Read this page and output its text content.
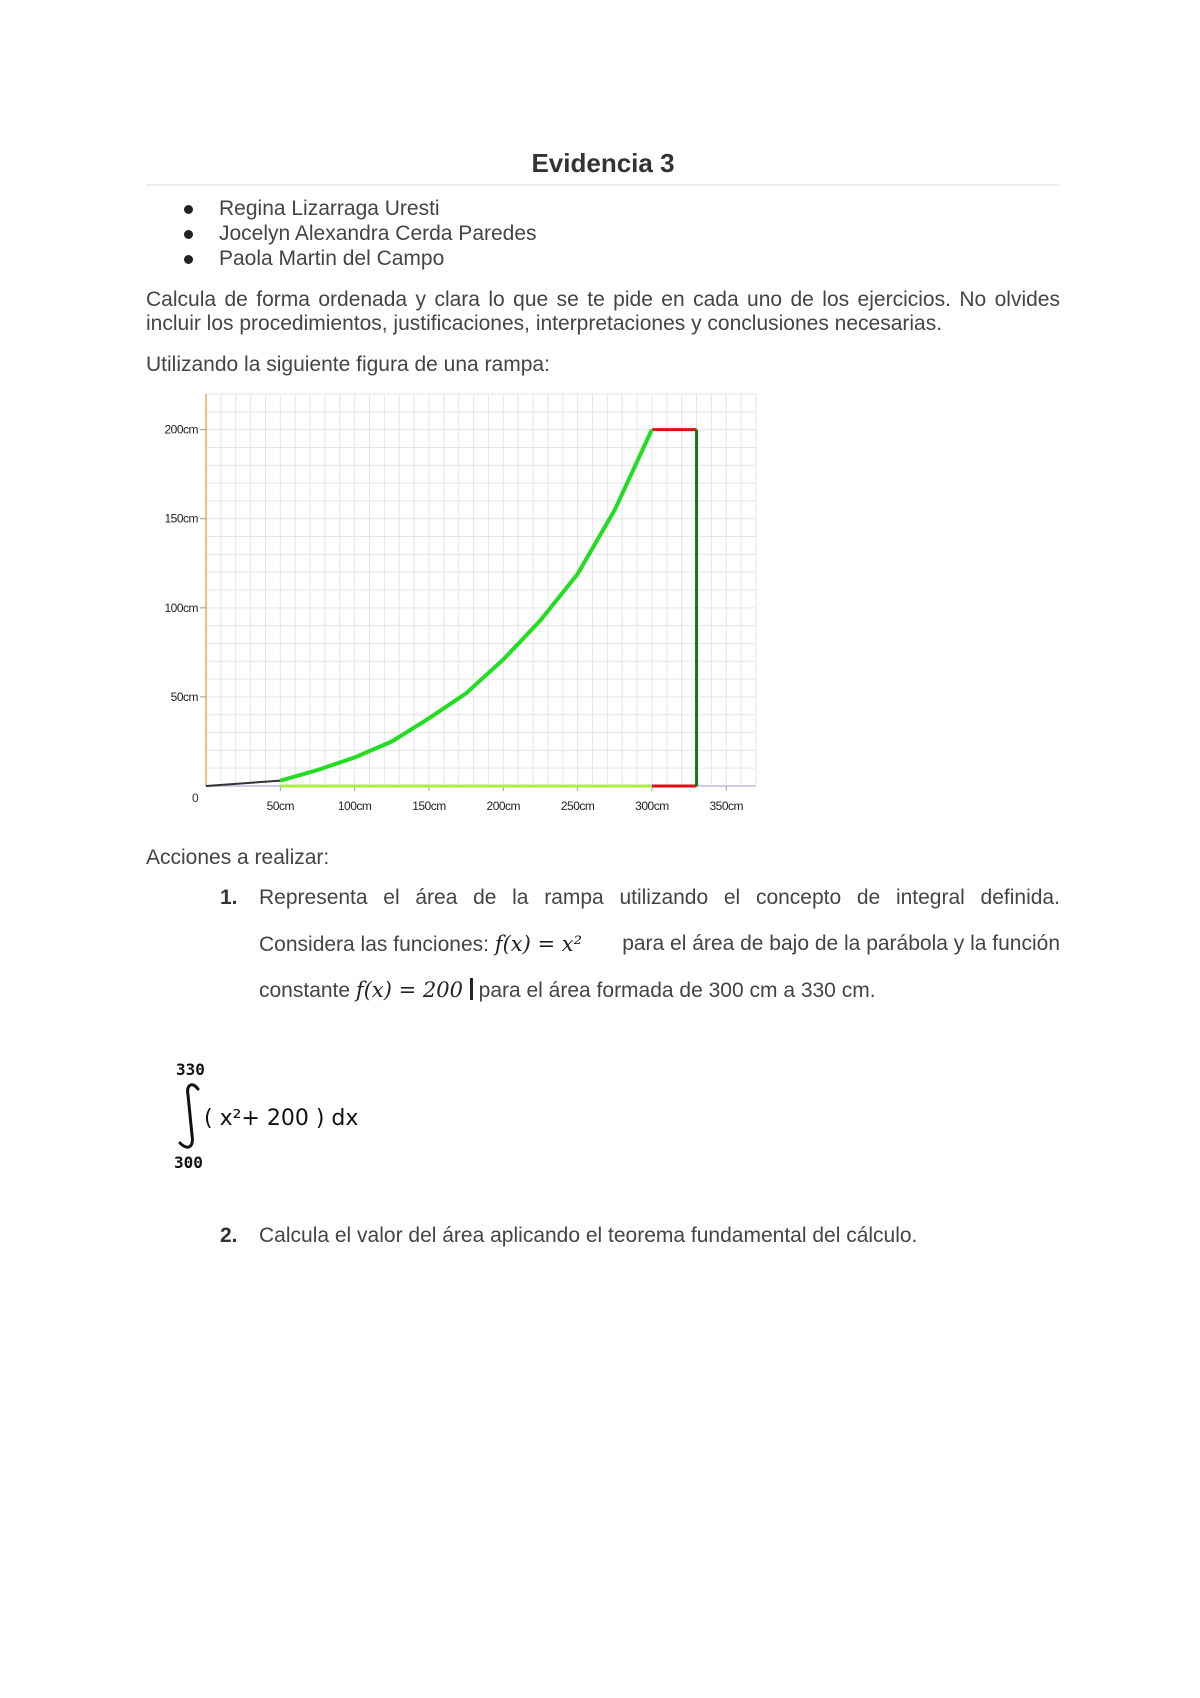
Evidencia 3
Regina Lizarraga Uresti
Jocelyn Alexandra Cerda Paredes
Paola Martin del Campo
Calcula de forma ordenada y clara lo que se te pide en cada uno de los ejercicios. No olvides
incluir los procedimientos, justificaciones, interpretaciones y conclusiones necesarias.
Utilizando la siguiente figura de una rampa:
0
50cm	100cm	150cm	200cm	250cm	300cm	350cm
50cm
100cm
150cm
200cm
Acciones a realizar:
1. Representa el área de la rampa utilizando el concepto de integral definida.
Considera las funciones: f(x) = x² para el área de bajo de la parábola y la función
constante f(x) = 200 para el área formada de 300 cm a 330 cm.
330
( x²+ 200 ) dx
300
2. Calcula el valor del área aplicando el teorema fundamental del cálculo.
